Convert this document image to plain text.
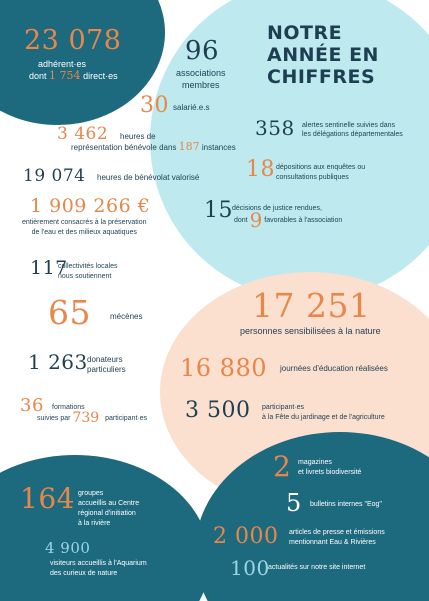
NOTRE
ANNÉE EN
CHIFFRES
23 078
adhérent·es
dont 1 754 direct·es
96
associations
membres
30 salarié.e.s
3 462 heures de
représentation bénévole dans 187 instances
358 alertes sentinelle suivies dans
les délégations départementales
19 074 heures de bénévolat valorisé 18 dépositions aux enquêtes ou
consultations publiques
1 909 266 €
entièrement consacrés à la préservation
de l'eau et des milieux aquatiques
15 décisions de justice rendues,
dont 9 favorables à l'association
117
collectivités locales
nous soutiennent
65 mécènes	17 251
personnes sensibilisées à la nature
1 263 donateurs
particuliers 16 880 journées d'éducation réalisées
36 formations
suivies par 739 participant·es 3 500 participant·es
à la Fête du jardinage et de l'agriculture
2 magazines
et livrets biodiversité
164 groupes
accueillis au Centre
régional d'initiation
à la rivière
5 bulletins internes "Eog"
2 000 articles de presse et émissions
mentionnant Eau & Rivières
4 900
visiteurs accueillis à l'Aquarium
des curieux de nature	100
actualités sur notre site internet
